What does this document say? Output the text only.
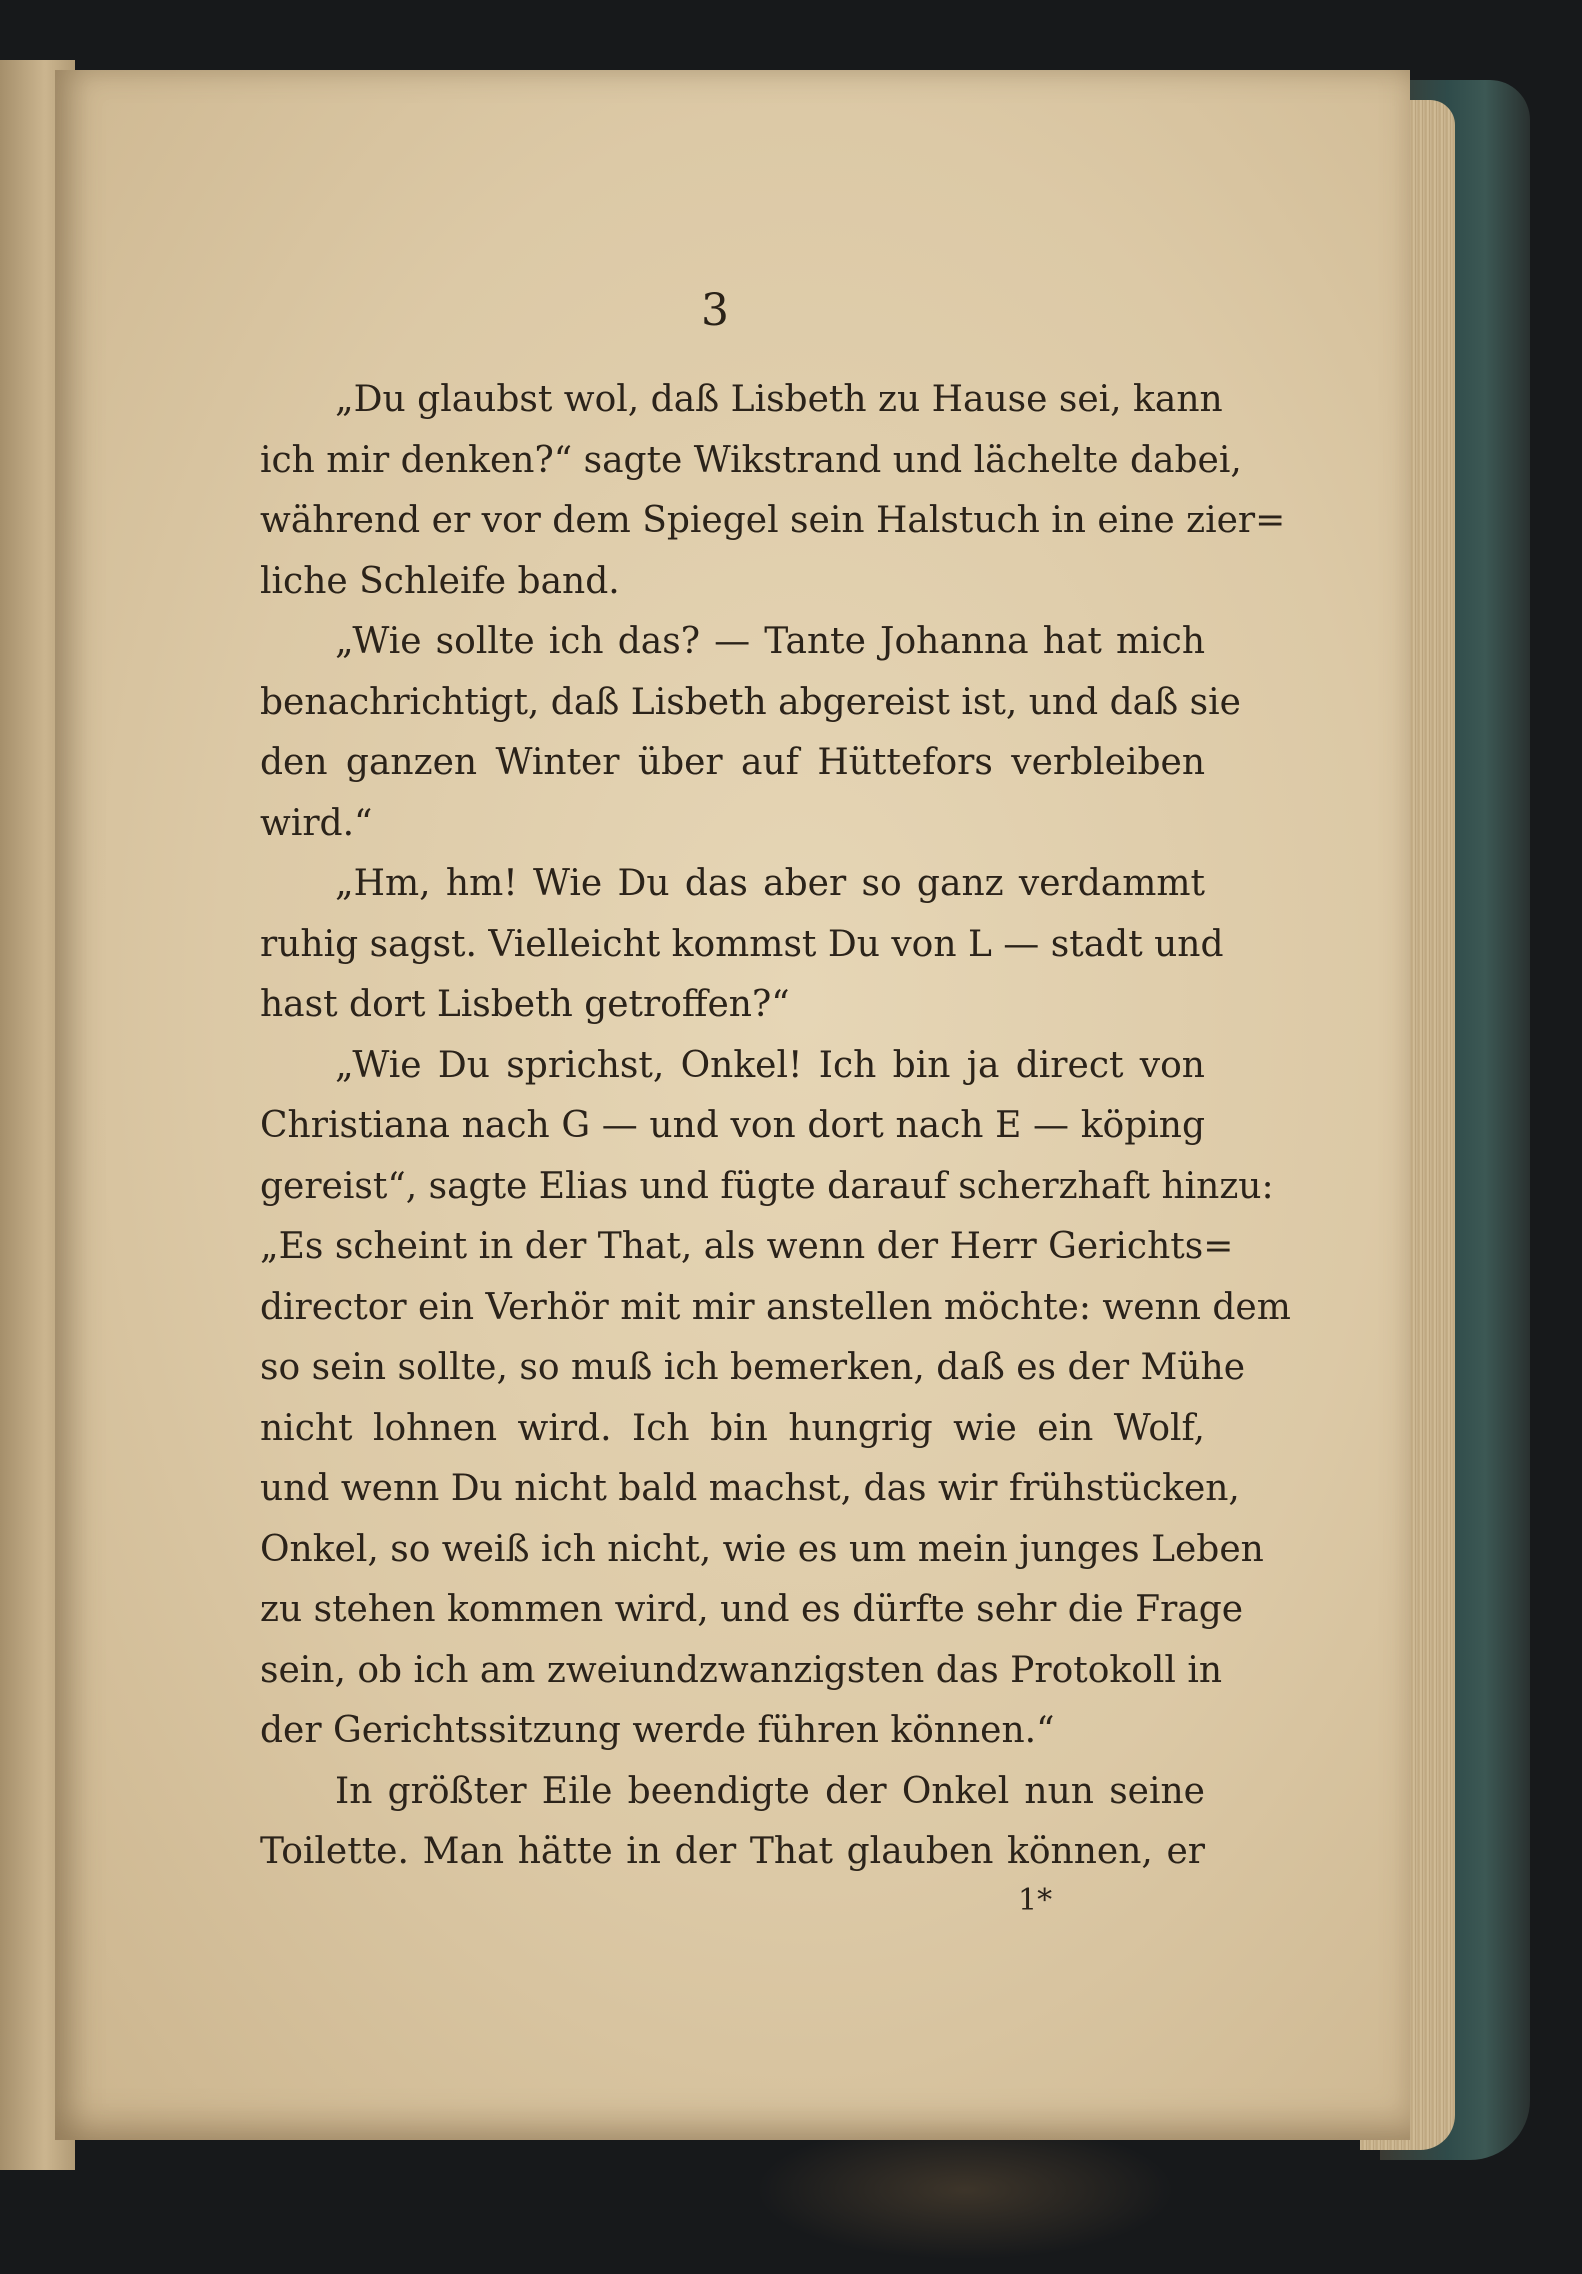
3
„Du glaubst wol, daß Lisbeth zu Hause sei, kann
ich mir denken?“ sagte Wikstrand und lächelte dabei,
während er vor dem Spiegel sein Halstuch in eine zier=
liche Schleife band.
„Wie sollte ich das? — Tante Johanna hat mich
benachrichtigt, daß Lisbeth abgereist ist, und daß sie
den ganzen Winter über auf Hüttefors verbleiben
wird.“
„Hm, hm! Wie Du das aber so ganz verdammt
ruhig sagst. Vielleicht kommst Du von L — stadt und
hast dort Lisbeth getroffen?“
„Wie Du sprichst, Onkel! Ich bin ja direct von
Christiana nach G — und von dort nach E — köping
gereist“, sagte Elias und fügte darauf scherzhaft hinzu:
„Es scheint in der That, als wenn der Herr Gerichts=
director ein Verhör mit mir anstellen möchte: wenn dem
so sein sollte, so muß ich bemerken, daß es der Mühe
nicht lohnen wird. Ich bin hungrig wie ein Wolf,
und wenn Du nicht bald machst, das wir frühstücken,
Onkel, so weiß ich nicht, wie es um mein junges Leben
zu stehen kommen wird, und es dürfte sehr die Frage
sein, ob ich am zweiundzwanzigsten das Protokoll in
der Gerichtssitzung werde führen können.“
In größter Eile beendigte der Onkel nun seine
Toilette. Man hätte in der That glauben können, er
1*
